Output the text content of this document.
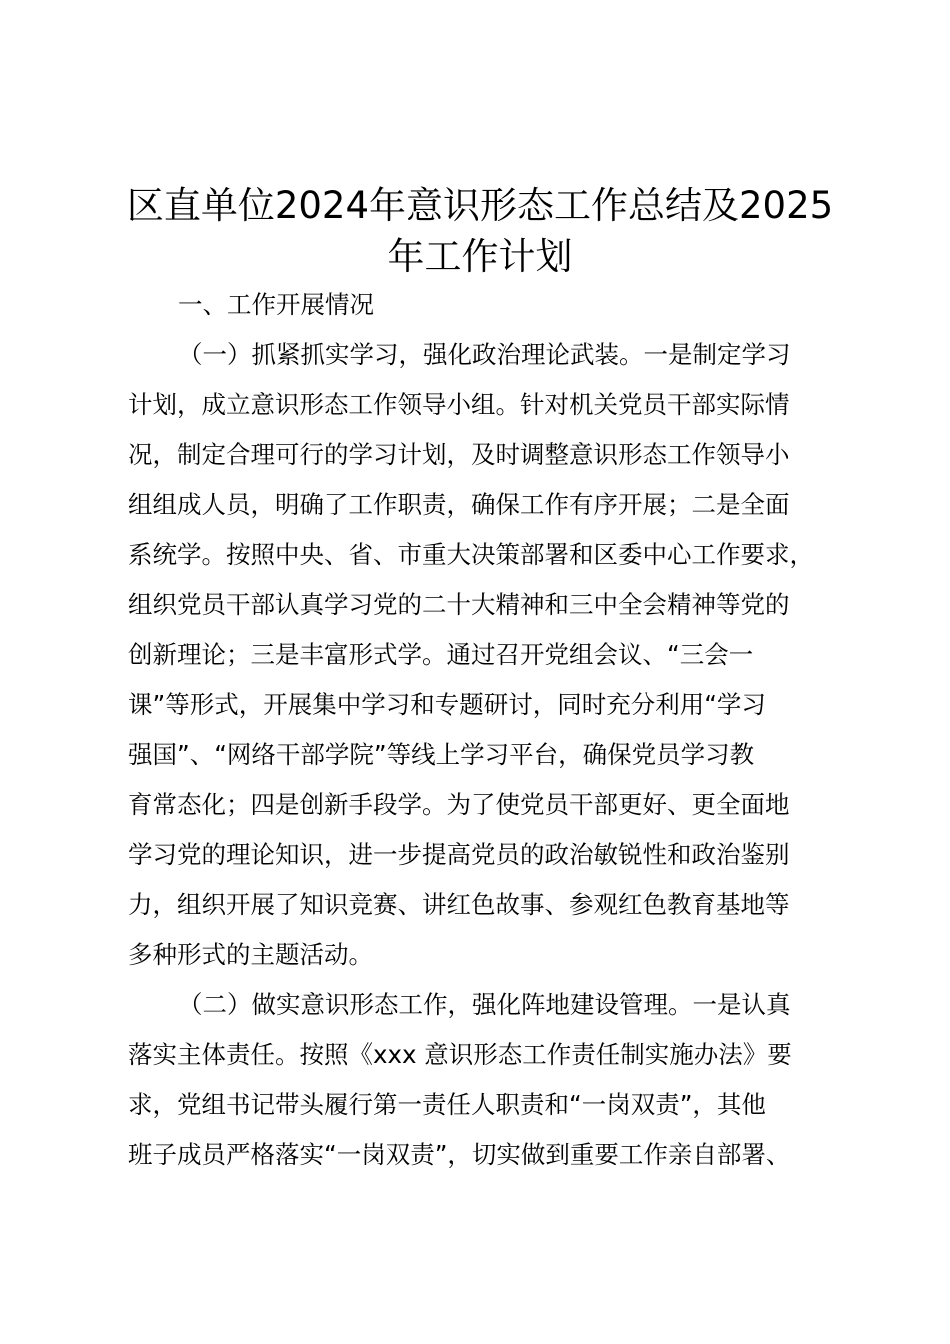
区直单位2024年意识形态工作总结及2025
年工作计划
一、工作开展情况
（一）抓紧抓实学习，强化政治理论武装。一是制定学习
计划，成立意识形态工作领导小组。针对机关党员干部实际情
况，制定合理可行的学习计划，及时调整意识形态工作领导小
组组成人员，明确了工作职责，确保工作有序开展；二是全面
系统学。按照中央、省、市重大决策部署和区委中心工作要求，
组织党员干部认真学习党的二十大精神和三中全会精神等党的
创新理论；三是丰富形式学。通过召开党组会议、“三会一
课”等形式，开展集中学习和专题研讨，同时充分利用“学习
强国”、“网络干部学院”等线上学习平台，确保党员学习教
育常态化；四是创新手段学。为了使党员干部更好、更全面地
学习党的理论知识，进一步提高党员的政治敏锐性和政治鉴别
力，组织开展了知识竞赛、讲红色故事、参观红色教育基地等
多种形式的主题活动。
（二）做实意识形态工作，强化阵地建设管理。一是认真
落实主体责任。按照《xxx 意识形态工作责任制实施办法》要
求，党组书记带头履行第一责任人职责和“一岗双责”，其他
班子成员严格落实“一岗双责”，切实做到重要工作亲自部署、
